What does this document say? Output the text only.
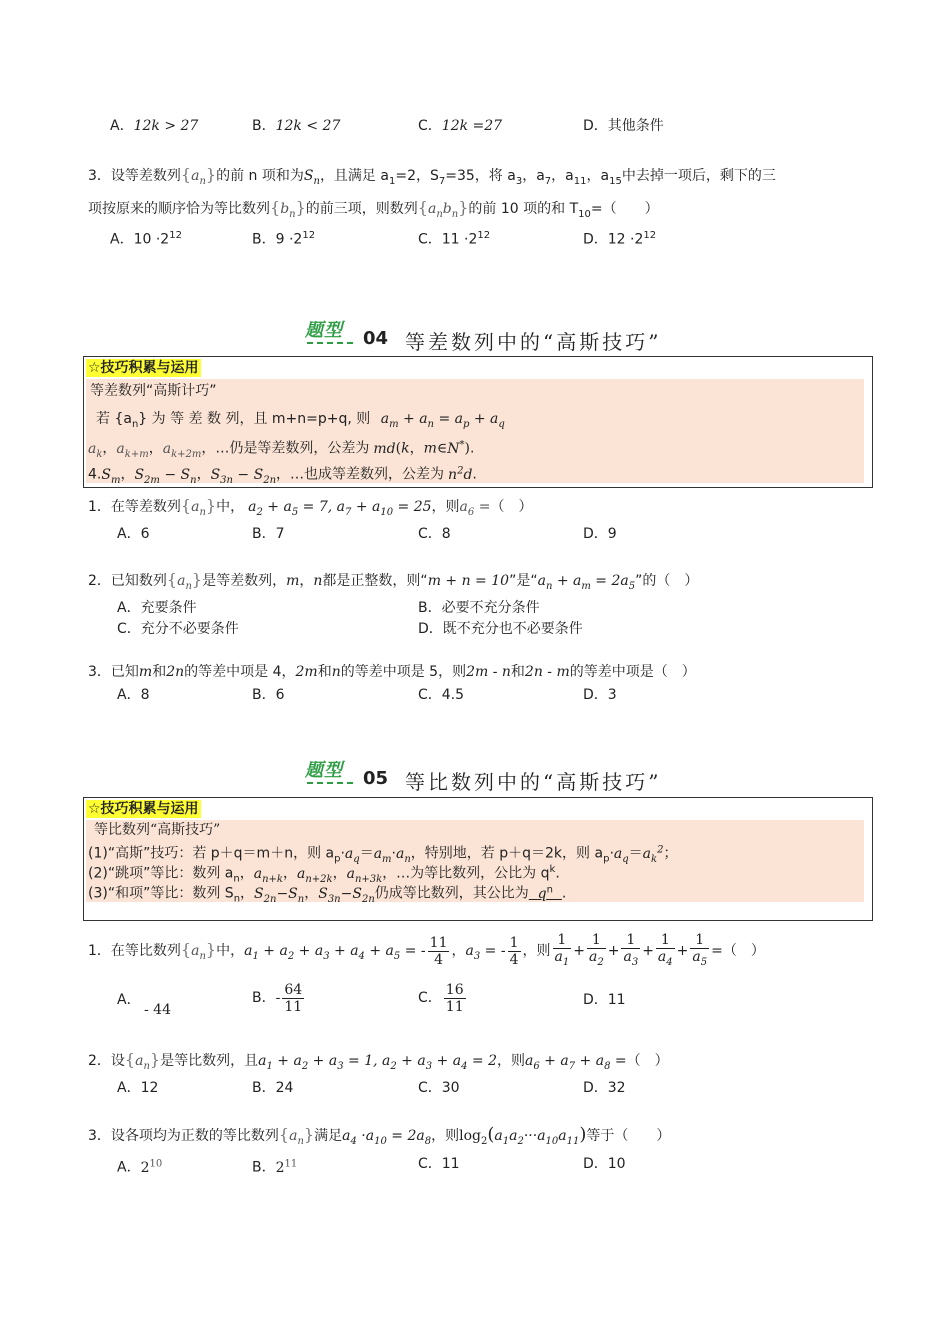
A．12k > 27	B．12k < 27	C．12k =27	D．其他条件
3．设等差数列$\{a_n\}$的前 n 项和为$S_n$，且满足 $a_1=2$，$S_7=35$，将 $a_3$，$a_7$，$a_{11}$，$a_{15}$中去掉一项后，剩下的三
项按原来的顺序恰为等比数列$\{b_n\}$的前三项，则数列$\{a_nb_n\}$的前 10 项的和 $T_{10}=$（　　）
A．$10 \cdot 2^{12}$	B．$9 \cdot 2^{12}$	C．$11 \cdot 2^{12}$	D．$12 \cdot 2^{12}$
题型 04 等差数列中的“高斯技巧”
☆技巧积累与运用
等差数列“高斯计巧”
若 $\{a_n\}$ 为 等 差 数 列，且 m+n=p+q, 则 $a_m + a_n = a_p + a_q$
$a_k$，$a_{k+m}$，$a_{k+2m}$，…仍是等差数列，公差为 md(k，m∈N*).
$4.S_m$，$S_{2m} - S_n$，$S_{3n} - S_{2n}$，…也成等差数列，公差为 $n^2d$.
1．在等差数列$\{a_n\}$中， $a_2 + a_5 = 7$, $a_7 + a_{10} = 25$，则$a_6$ =（　）
A．6	B．7	C．8	D．9
2．已知数列$\{a_n\}$是等差数列，m，n都是正整数，则“m + n = 10”是“$a_n + a_m = 2a_5$”的（　）
A．充要条件	B．必要不充分条件
C．充分不必要条件	D．既不充分也不必要条件
3．已知m和2n的等差中项是 4，2m和n的等差中项是 5，则2m - n和2n - m的等差中项是（　）
A．8	B．6	C．4.5	D．3
题型 05 等比数列中的“高斯技巧”
☆技巧积累与运用
等比数列“高斯技巧”
(1)“高斯”技巧：若 p＋q＝m＋n，则 $a_p\cdot a_q=a_m\cdot a_n$，特别地，若 p＋q＝2k，则 $a_p\cdot a_q=a_k^2$；
(2)“跳项”等比：数列 $a_n$，$a_{n+k}$，$a_{n+2k}$，$a_{n+3k}$，…为等比数列，公比为 $q^k$.
(3)“和项”等比：数列 $S_n$，$S_{2n}-S_n$，$S_{3n}-S_{2n}$仍成等比数列，其公比为 $q^n$ .
1．在等比数列$\{a_n\}$中，$a_1 + a_2 + a_3 + a_4 + a_5$ = - $\frac{11}{4}$ ，$a_3$ = - $\frac{1}{4}$ ，则 $\frac{1}{a_1} + \frac{1}{a_2} + \frac{1}{a_3} + \frac{1}{a_4} + \frac{1}{a_5}$ =（　）
A．
- 44
B．- $\frac{64}{11}$	C． $\frac{16}{11}$	D．11
2．设$\{a_n\}$是等比数列，且$a_1 + a_2 + a_3 = 1$, $a_2 + a_3 + a_4 = 2$，则$a_6 + a_7 + a_8$ =（　）
A．12	B．24	C．30	D．32
3．设各项均为正数的等比数列$\{a_n\}$满足$a_4 \cdot a_{10} = 2a_8$，则$\log_2(a_1a_2\cdot\cdot\cdot a_{10}a_{11})$等于（　　）
A．$2^{10}$	B．$2^{11}$	C．11	D．10
